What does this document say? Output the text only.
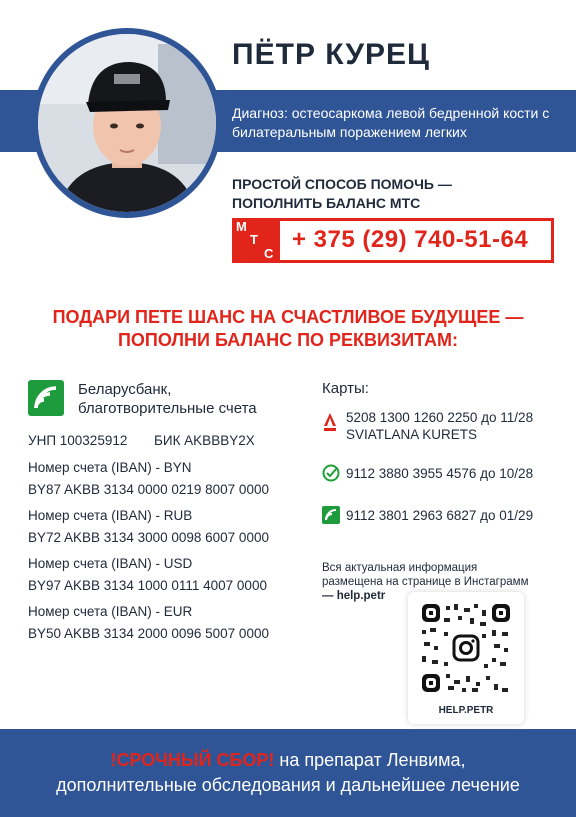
ПЁТР КУРЕЦ
Диагноз: остеосаркома левой бедренной кости с билатеральным поражением легких
ПРОСТОЙ СПОСОБ ПОМОЧЬ — ПОПОЛНИТЬ БАЛАНС МТС
М
Т
С
+ 375 (29) 740-51-64
ПОДАРИ ПЕТЕ ШАНС НА СЧАСТЛИВОЕ БУДУЩЕЕ —
ПОПОЛНИ БАЛАНС ПО РЕКВИЗИТАМ:
Беларусбанк,
благотворительные счета
УНП 100325912 БИК AKBBBY2X
Номер счета (IBAN) - BYN
BY87 AKBB 3134 0000 0219 8007 0000
Номер счета (IBAN) - RUB
BY72 AKBB 3134 3000 0098 6007 0000
Номер счета (IBAN) - USD
BY97 AKBB 3134 1000 0111 4007 0000
Номер счета (IBAN) - EUR
BY50 AKBB 3134 2000 0096 5007 0000
Карты:
5208 1300 1260 2250 до 11/28
SVIATLANA KURETS
9112 3880 3955 4576 до 10/28
9112 3801 2963 6827 до 01/29
Вся актуальная информация
размещена на странице в Инстаграмм
— help.petr
HELP.PETR
!СРОЧНЫЙ СБОР! на препарат Ленвима,
дополнительные обследования и дальнейшее лечение
